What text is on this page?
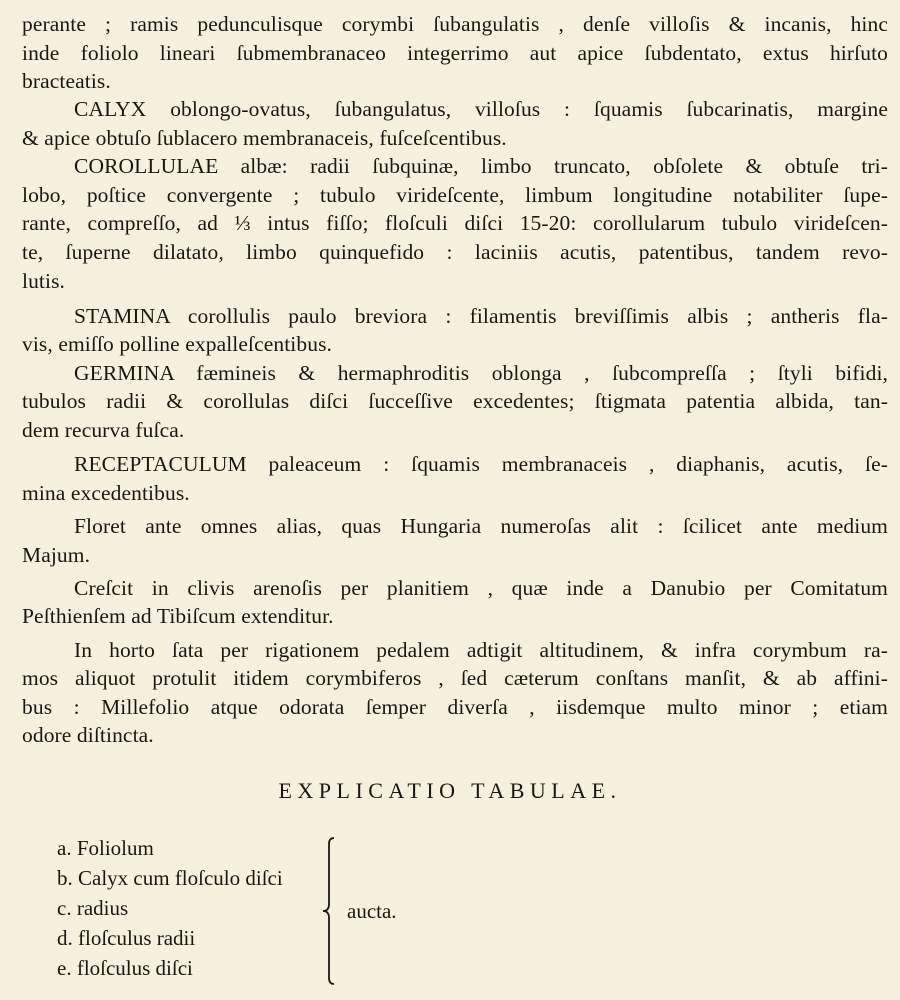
perante ; ramis pedunculisque corymbi ſubangulatis , denſe villoſis & incanis, hinc
inde foliolo lineari ſubmembranaceo integerrimo aut apice ſubdentato, extus hirſuto
bracteatis.
CALYX oblongo-ovatus, ſubangulatus, villoſus : ſquamis ſubcarinatis, margine
& apice obtuſo ſublacero membranaceis, fuſceſcentibus.
COROLLULAE albæ: radii ſubquinæ, limbo truncato, obſolete & obtuſe tri-
lobo, poſtice convergente ; tubulo virideſcente, limbum longitudine notabiliter ſupe-
rante, compreſſo, ad ⅓ intus fiſſo; floſculi diſci 15-20: corollularum tubulo virideſcen-
te, ſuperne dilatato, limbo quinquefido : laciniis acutis, patentibus, tandem revo-
lutis.
STAMINA corollulis paulo breviora : filamentis breviſſimis albis ; antheris fla-
vis, emiſſo polline expalleſcentibus.
GERMINA fæmineis & hermaphroditis oblonga , ſubcompreſſa ; ſtyli bifidi,
tubulos radii & corollulas diſci ſucceſſive excedentes; ſtigmata patentia albida, tan-
dem recurva fuſca.
RECEPTACULUM paleaceum : ſquamis membranaceis , diaphanis, acutis, ſe-
mina excedentibus.
Floret ante omnes alias, quas Hungaria numeroſas alit : ſcilicet ante medium
Majum.
Creſcit in clivis arenoſis per planitiem , quæ inde a Danubio per Comitatum
Peſthienſem ad Tibiſcum extenditur.
In horto ſata per rigationem pedalem adtigit altitudinem, & infra corymbum ra-
mos aliquot protulit itidem corymbiferos , ſed cæterum conſtans manſit, & ab affini-
bus : Millefolio atque odorata ſemper diverſa , iisdemque multo minor ; etiam
odore diſtincta.
EXPLICATIO TABULAE.
a. Foliolum
b. Calyx cum floſculo diſci
c. radius
d. floſculus radii
e. floſculus diſci
aucta.
